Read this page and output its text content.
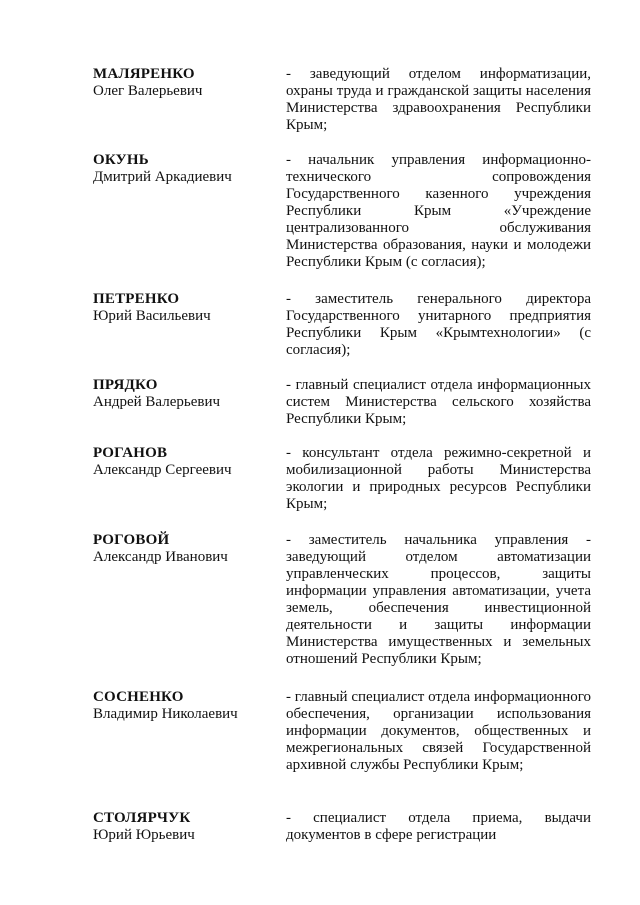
МАЛЯРЕНКО
Олег Валерьевич
- заведующий отделом информатизации, охраны труда и гражданской защиты населения Министерства здравоохранения Республики Крым;
ОКУНЬ
Дмитрий Аркадиевич
- начальник управления информационно-технического сопровождения Государственного казенного учреждения Республики Крым «Учреждение централизованного обслуживания Министерства образования, науки и молодежи Республики Крым (с согласия);
ПЕТРЕНКО
Юрий Васильевич
- заместитель генерального директора Государственного унитарного предприятия Республики Крым «Крымтехнологии» (с согласия);
ПРЯДКО
Андрей Валерьевич
- главный специалист отдела информационных систем Министерства сельского хозяйства Республики Крым;
РОГАНОВ
Александр Сергеевич
- консультант отдела режимно-секретной и мобилизационной работы Министерства экологии и природных ресурсов Республики Крым;
РОГОВОЙ
Александр Иванович
- заместитель начальника управления - заведующий отделом автоматизации управленческих процессов, защиты информации управления автоматизации, учета земель, обеспечения инвестиционной деятельности и защиты информации Министерства имущественных и земельных отношений Республики Крым;
СОСНЕНКО
Владимир Николаевич
- главный специалист отдела информационного обеспечения, организации использования информации документов, общественных и межрегиональных связей Государственной архивной службы Республики Крым;
СТОЛЯРЧУК
Юрий Юрьевич
- специалист отдела приема, выдачи документов в сфере регистрации
